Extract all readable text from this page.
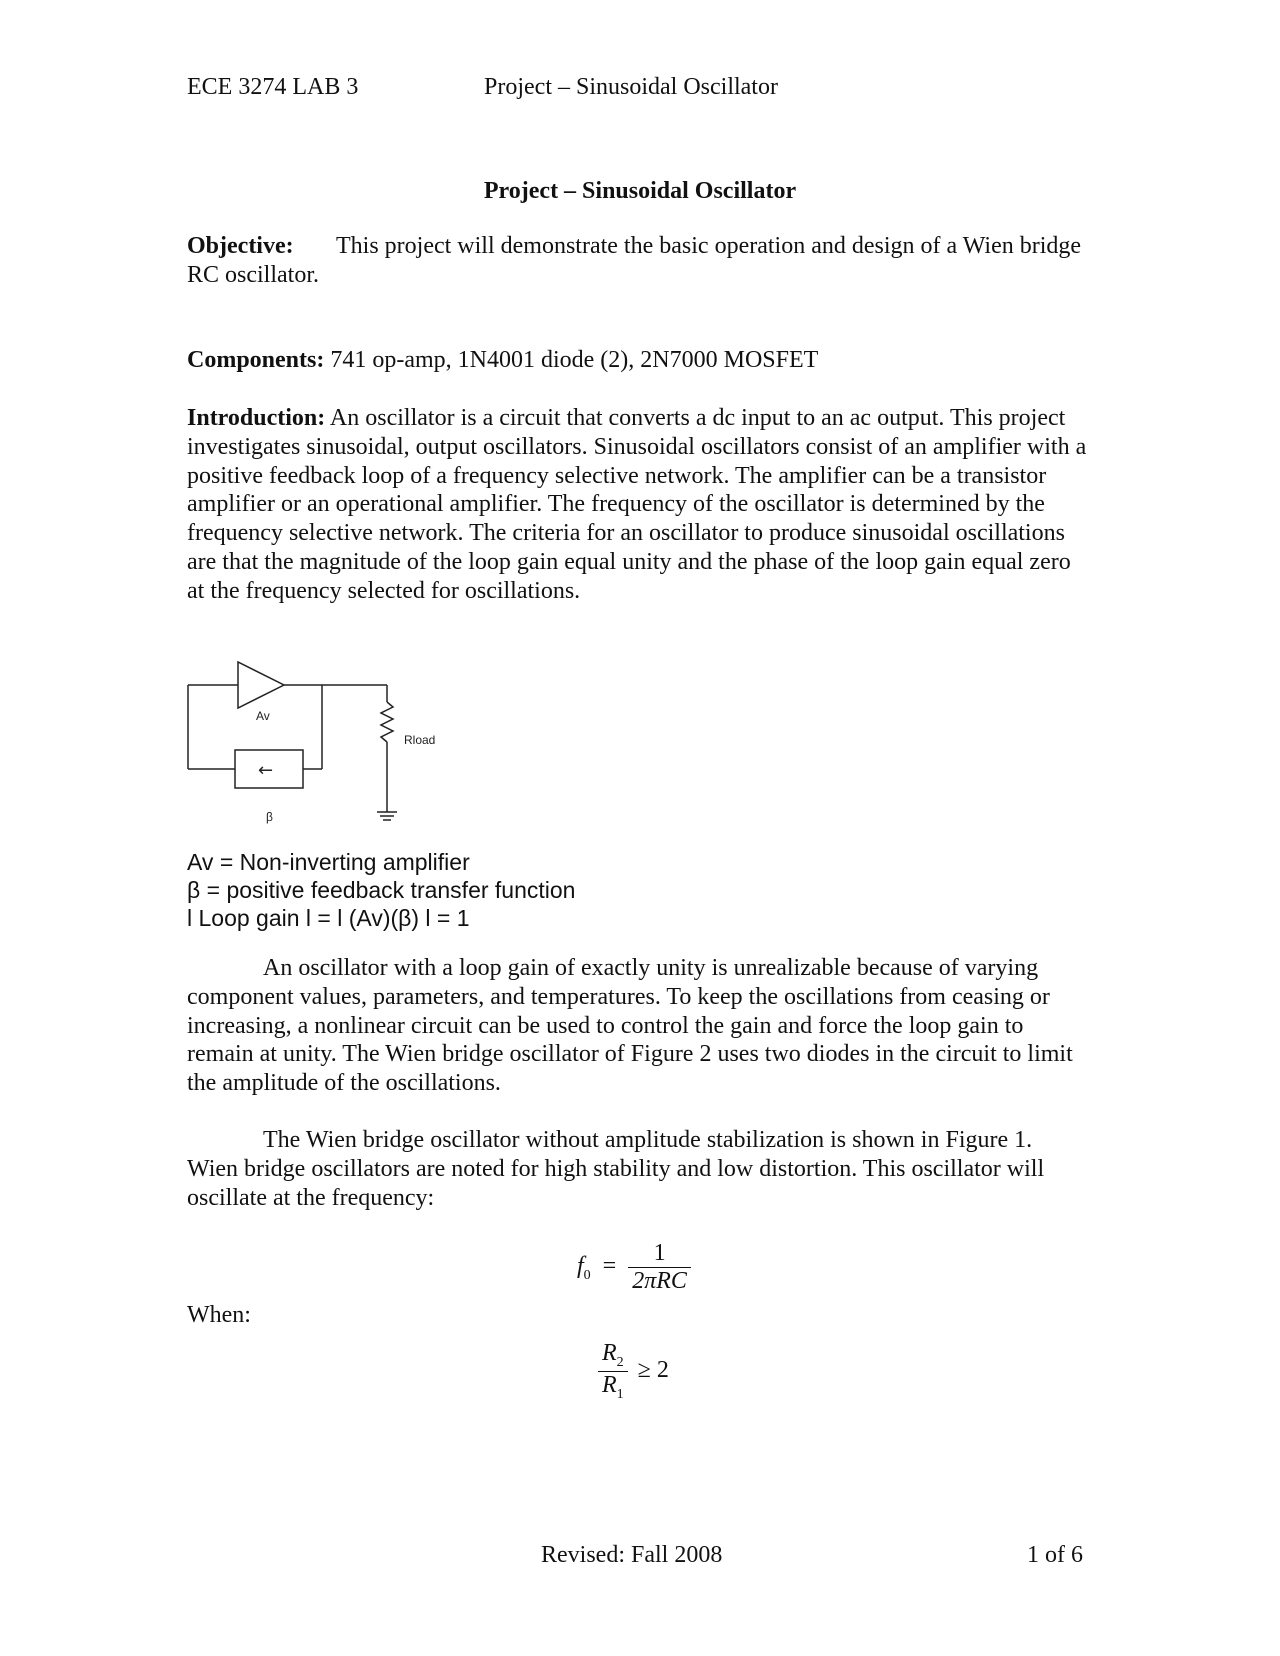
ECE 3274 LAB 3	Project – Sinusoidal Oscillator
Project – Sinusoidal Oscillator

Objective: This project will demonstrate the basic operation and design of a Wien bridge RC oscillator.

Components: 741 op-amp, 1N4001 diode (2), 2N7000 MOSFET

Introduction: An oscillator is a circuit that converts a dc input to an ac output. This project investigates sinusoidal, output oscillators. Sinusoidal oscillators consist of an amplifier with a positive feedback loop of a frequency selective network. The amplifier can be a transistor amplifier or an operational amplifier. The frequency of the oscillator is determined by the frequency selective network. The criteria for an oscillator to produce sinusoidal oscillations are that the magnitude of the loop gain equal unity and the phase of the loop gain equal zero at the frequency selected for oscillations.

Av
←
β
Rload
Av = Non-inverting amplifier
β = positive feedback transfer function
l Loop gain l = l (Av)(β) l = 1

An oscillator with a loop gain of exactly unity is unrealizable because of varying component values, parameters, and temperatures. To keep the oscillations from ceasing or increasing, a nonlinear circuit can be used to control the gain and force the loop gain to remain at unity. The Wien bridge oscillator of Figure 2 uses two diodes in the circuit to limit the amplitude of the oscillations.

The Wien bridge oscillator without amplitude stabilization is shown in Figure 1. Wien bridge oscillators are noted for high stability and low distortion. This oscillator will oscillate at the frequency:

$f_0 = \frac{1}{\text{2πRC}}$
When:
$\frac{R_2}{R_1} \ge 2$
Revised: Fall 2008	1 of 6
